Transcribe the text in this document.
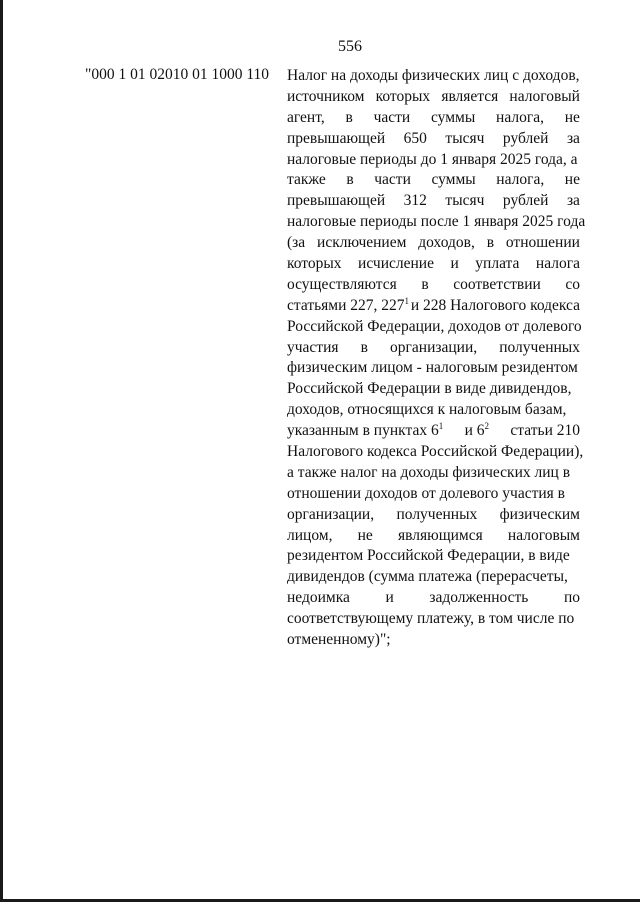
556
"000 1 01 02010 01 1000 110 Налог на доходы физических лиц с доходов,
источником которых является налоговый
агент, в части суммы налога, не
превышающей 650 тысяч рублей за
налоговые периоды до 1 января 2025 года, а
также в части суммы налога, не
превышающей 312 тысяч рублей за
налоговые периоды после 1 января 2025 года
(за исключением доходов, в отношении
которых исчисление и уплата налога
осуществляются в соответствии со
статьями 227, $227^1$ и 228 Налогового кодекса
Российской Федерации, доходов от долевого
участия в организации, полученных
физическим лицом - налоговым резидентом
Российской Федерации в виде дивидендов,
доходов, относящихся к налоговым базам,
указанным в пунктах $6^1$ и $6^2$ статьи 210
Налогового кодекса Российской Федерации),
а также налог на доходы физических лиц в
отношении доходов от долевого участия в
организации, полученных физическим
лицом, не являющимся налоговым
резидентом Российской Федерации, в виде
дивидендов (сумма платежа (перерасчеты,
недоимка и задолженность по
соответствующему платежу, в том числе по
отмененному)";
